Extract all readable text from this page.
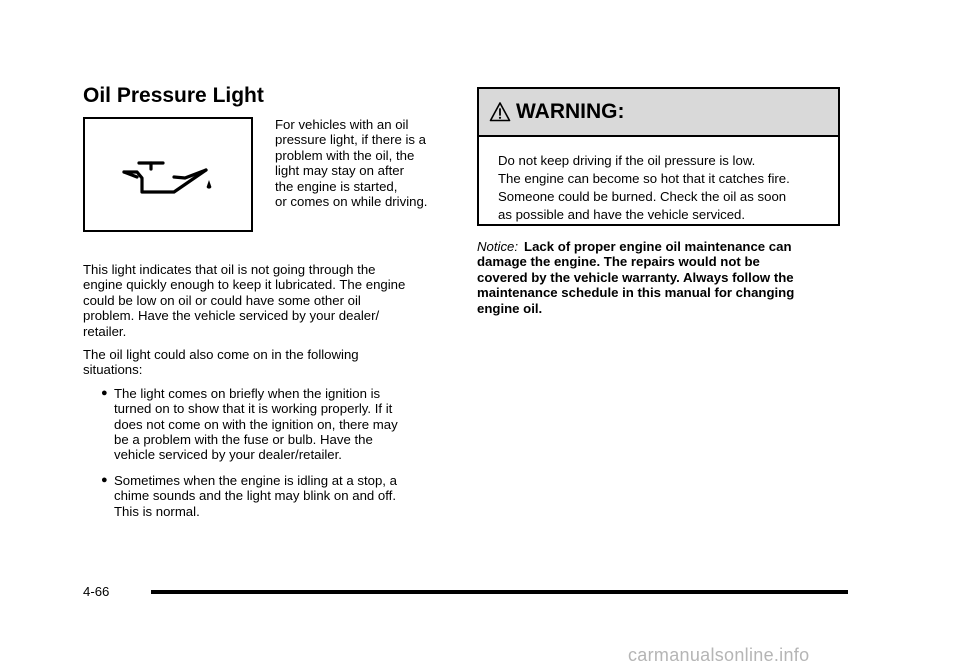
Oil Pressure Light
For vehicles with an oil
pressure light, if there is a
problem with the oil, the
light may stay on after
the engine is started,
or comes on while driving.

This light indicates that oil is not going through the
engine quickly enough to keep it lubricated. The engine
could be low on oil or could have some other oil
problem. Have the vehicle serviced by your dealer/
retailer.

The oil light could also come on in the following
situations:

● The light comes on briefly when the ignition is
turned on to show that it is working properly. If it
does not come on with the ignition on, there may
be a problem with the fuse or bulb. Have the
vehicle serviced by your dealer/retailer.
● Sometimes when the engine is idling at a stop, a
chime sounds and the light may blink on and off.
This is normal.
WARNING:
Do not keep driving if the oil pressure is low.
The engine can become so hot that it catches fire.
Someone could be burned. Check the oil as soon
as possible and have the vehicle serviced.
Notice: Lack of proper engine oil maintenance can
damage the engine. The repairs would not be
covered by the vehicle warranty. Always follow the
maintenance schedule in this manual for changing
engine oil.
4-66
carmanualsonline.info
